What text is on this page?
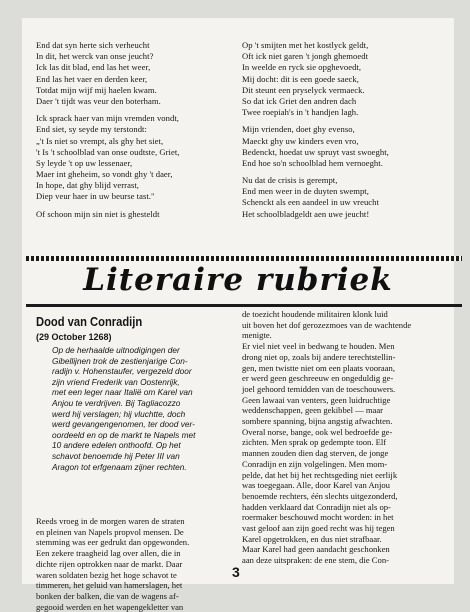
End dat syn herte sich verheucht
In dit, het werck van onse jeucht?
Ick las dit blad, end las het weer,
End las het vaer en derden keer,
Totdat mijn wijf mij haelen kwam.
Daer 't tijdt was veur den boterham.
Ick sprack haer van mijn vremden vondt,
End siet, sy seyde my terstondt:
„'t Is niet so vrempt, als ghy het siet,
't Is 't schoolblad van onse oudtste, Griet,
Sy leyde 't op uw lessenaer,
Maer int gheheim, so vondt ghy 't daer,
In hope, dat ghy blijd verrast,
Diep veur haer in uw beurse tast."
Of schoon mijn sin niet is ghesteldt
Op 't smijten met het kostlyck geldt,
Oft ick niet garen 't jongh ghemoedt
In weelde en ryck sie opghevoedt,
Mij docht: dit is een goede saeck,
Dit steunt een pryselyck vermaeck.
So dat ick Griet den andren dach
Twee roepiah's in 't handjen lagh.
Mijn vrienden, doet ghy evenso,
Maeckt ghy uw kinders even vro,
Bedenckt, hoedat uw spruyt vast swoeght,
End hoe so'n schoolblad hem vernoeght.
Nu dat de crisis is gerempt,
End men weer in de duyten swempt,
Schenckt als een aandeel in uw vreucht
Het schoolbladgeldt aen uwe jeucht!
Literaire rubriek
Dood van Conradijn
(29 October 1268)
Op de herhaalde uitnodigingen der
Gibellijnen trok de zestienjarige Con-
radijn v. Hohenstaufer, vergezeld door
zijn vriend Frederik van Oostenrijk,
met een leger naar Italië om Karel van
Anjou te verdrijven. Bij Tagliacozzo
werd hij verslagen; hij vluchtte, doch
werd gevangengenomen, ter dood ver-
oordeeld en op de markt te Napels met
10 andere edelen onthoofd. Op het
schavot benoemde hij Peter III van
Aragon tot erfgenaam zijner rechten.
Reeds vroeg in de morgen waren de straten
en pleinen van Napels propvol mensen. De
stemming was eer gedrukt dan opgewonden.
Een zekere traagheid lag over allen, die in
dichte rijen optrokken naar de markt. Daar
waren soldaten bezig het hoge schavot te
timmeren, het geluid van hamerslagen, het
bonken der balken, die van de wagens af-
gegooid werden en het wapengekletter van
de toezicht houdende militairen klonk luid
uit boven het dof gerozezmoes van de wachtende
menigte.
Er viel niet veel in bedwang te houden. Men
drong niet op, zoals bij andere terechtstellin-
gen, men twistte niet om een plaats vooraan,
er werd geen geschreeuw en ongeduldig ge-
joel gehoord temidden van de toeschouwers.
Geen lawaai van venters, geen luidruchtige
weddenschappen, geen gekibbel — maar
sombere spanning, bijna angstig afwachten.
Overal norse, bange, ook wel bedroefde ge-
zichten. Men sprak op gedempte toon. Elf
mannen zouden dien dag sterven, de jonge
Conradijn en zijn volgelingen. Men mom-
pelde, dat het bij het rechtsgeding niet eerlijk
was toegegaan. Alle, door Karel van Anjou
benoemde rechters, één slechts uitgezonderd,
hadden verklaard dat Conradijn niet als op-
roermaker beschouwd mocht worden: in het
vast geloof aan zijn goed recht was hij tegen
Karel opgetrokken, en dus niet strafbaar.
Maar Karel had geen aandacht geschonken
aan deze uitspraken: de ene stem, die Con-
3
